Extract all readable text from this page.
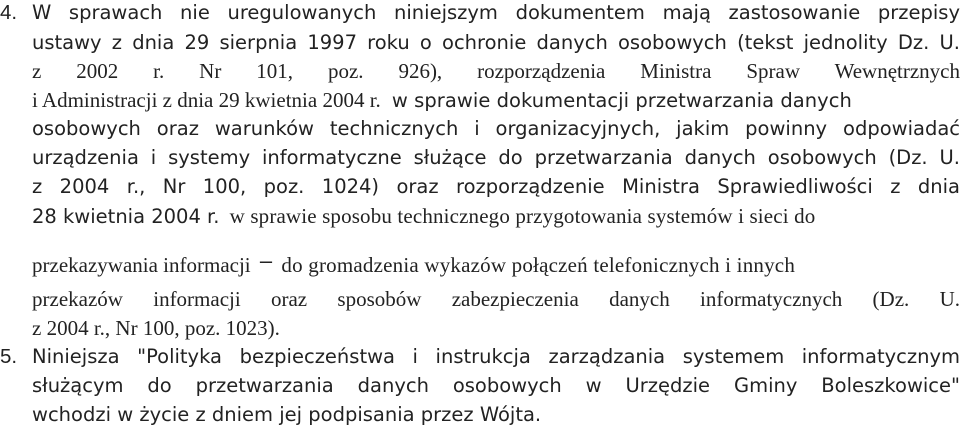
4. W sprawach nie uregulowanych niniejszym dokumentem mają zastosowanie przepisy
ustawy z dnia 29 sierpnia 1997 roku o ochronie danych osobowych (tekst jednolity Dz. U.
z 2002 r. Nr 101, poz. 926), rozporządzenia Ministra Spraw Wewnętrznych
i Administracji z dnia 29 kwietnia 2004 r. w sprawie dokumentacji przetwarzania danych
osobowych oraz warunków technicznych i organizacyjnych, jakim powinny odpowiadać
urządzenia i systemy informatyczne służące do przetwarzania danych osobowych (Dz. U.
z 2004 r., Nr 100, poz. 1024) oraz rozporządzenie Ministra Sprawiedliwości z dnia
28 kwietnia 2004 r. w sprawie sposobu technicznego przygotowania systemów i sieci do
przekazywania informacji – do gromadzenia wykazów połączeń telefonicznych i innych
przekazów informacji oraz sposobów zabezpieczenia danych informatycznych (Dz. U.
z 2004 r., Nr 100, poz. 1023).
5. Niniejsza "Polityka bezpieczeństwa i instrukcja zarządzania systemem informatycznym
służącym do przetwarzania danych osobowych w Urzędzie Gminy Boleszkowice"
wchodzi w życie z dniem jej podpisania przez Wójta.
